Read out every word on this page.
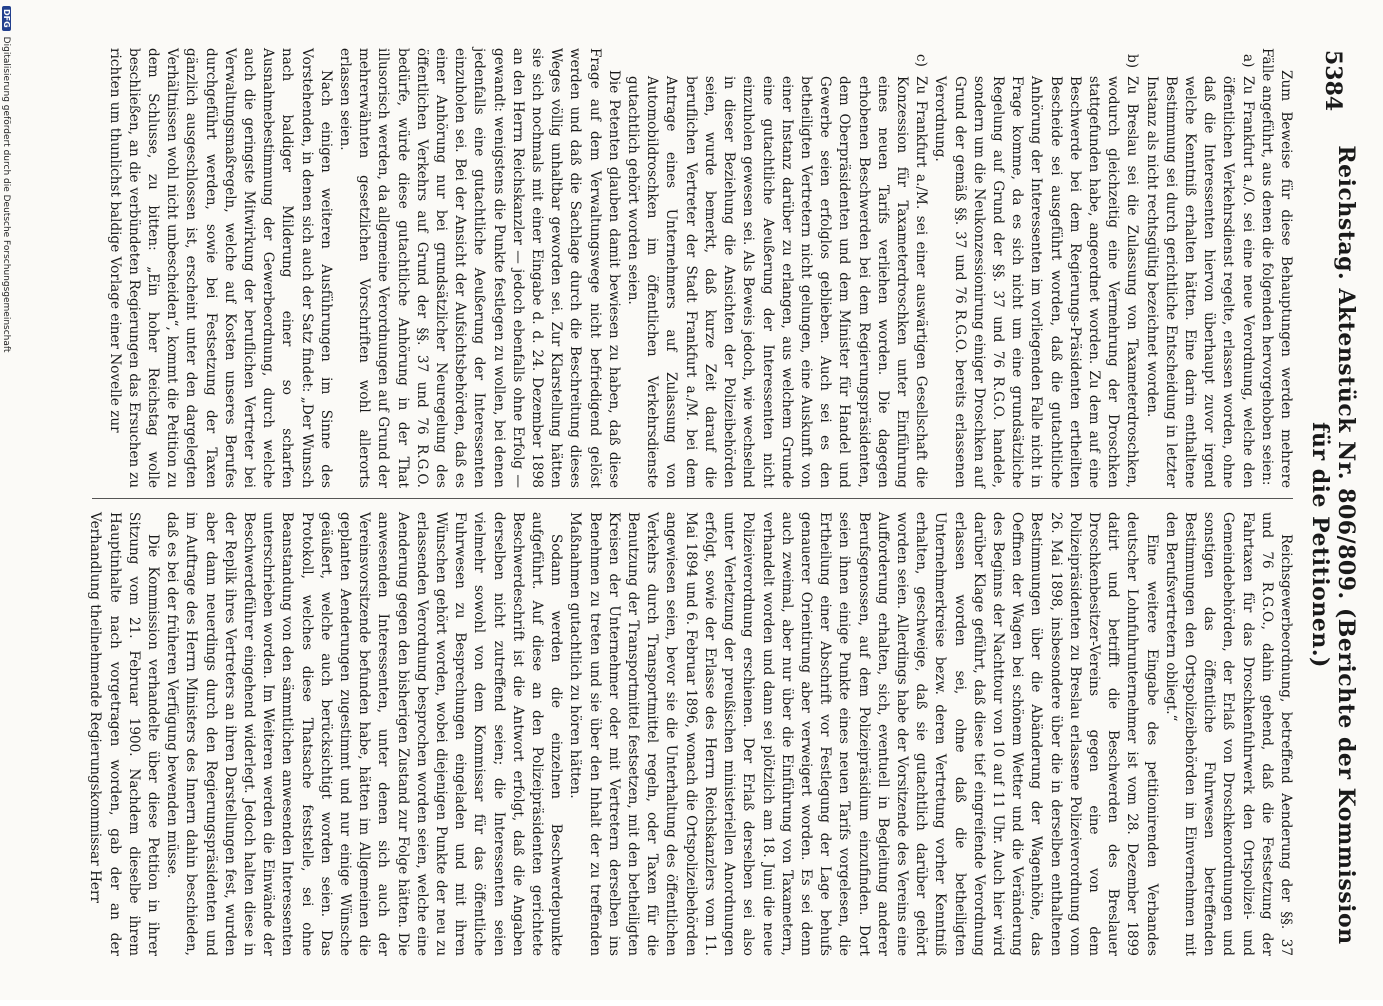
5384
Reichstag. Aktenstück Nr. 806/809. (Berichte der Kommission für die Petitionen.)

Zum Beweise für diese Behauptungen werden mehrere Fälle angeführt, aus denen die folgenden hervorgehoben seien:

a)
Zu Frankfurt a./O. sei eine neue Verordnung, welche den öffentlichen Verkehrsdienst regelte, erlassen worden, ohne daß die Interessenten hiervon überhaupt zuvor irgend welche Kenntniß erhalten hätten. Eine darin enthaltene Bestimmung sei durch gerichtliche Entscheidung in letzter Instanz als nicht rechtsgültig bezeichnet worden.

b)
Zu Breslau sei die Zulassung von Taxameterdroschken, wodurch gleichzeitig eine Vermehrung der Droschken stattgefunden habe, angeordnet worden. Zu dem auf eine Beschwerde bei dem Regierungs-Präsidenten ertheilten Bescheide sei ausgeführt worden, daß die gutachtliche Anhörung der Interessenten im vorliegenden Falle nicht in Frage komme, da es sich nicht um eine grundsätzliche Regelung auf Grund der §§. 37 und 76 R.G.O. handele, sondern um die Neukonzessionirung einiger Droschken auf Grund der gemäß §§. 37 und 76 R.G.O. bereits erlassenen Verordnung.

c)
Zu Frankfurt a./M. sei einer auswärtigen Gesellschaft die Konzession für Taxameterdroschken unter Einführung eines neuen Tarifs verliehen worden. Die dagegen erhobenen Beschwerden bei dem Regierungspräsidenten, dem Oberpräsidenten und dem Minister für Handel und Gewerbe seien erfolglos geblieben. Auch sei es den betheiligten Vertretern nicht gelungen, eine Auskunft von einer Instanz darüber zu erlangen, aus welchem Grunde eine gutachtliche Aeußerung der Interessenten nicht einzuholen gewesen sei. Als Beweis jedoch, wie wechselnd in dieser Beziehung die Ansichten der Polizeibehörden seien, wurde bemerkt, daß kurze Zeit darauf die beruflichen Vertreter der Stadt Frankfurt a./M. bei dem Antrage eines Unternehmers auf Zulassung von Automobildroschken im öffentlichen Verkehrsdienste gutachtlich gehört worden seien.

Die Petenten glauben damit bewiesen zu haben, daß diese Frage auf dem Verwaltungswege nicht befriedigend gelöst werden und daß die Sachlage durch die Beschreitung dieses Weges völlig unhaltbar geworden sei. Zur Klarstellung hätten sie sich nochmals mit einer Eingabe d. d. 24. Dezember 1898 an den Herrn Reichskanzler — jedoch ebenfalls ohne Erfolg — gewandt: wenigstens die Punkte festlegen zu wollen, bei denen jedenfalls eine gutachtliche Aeußerung der Interessenten einzuholen sei. Bei der Ansicht der Aufsichtsbehörden, daß es einer Anhörung nur bei grundsätzlicher Neuregelung des öffentlichen Verkehrs auf Grund der §§. 37 und 76 R.G.O. bedürfe, würde diese gutachtliche Anhörung in der That illusorisch werden, da allgemeine Verordnungen auf Grund der mehrerwähnten gesetzlichen Vorschriften wohl allerorts erlassen seien.

Nach einigen weiteren Ausführungen im Sinne des Vorstehenden, in denen sich auch der Satz findet: „Der Wunsch nach baldiger Milderung einer so scharfen Ausnahmebestimmung der Gewerbeordnung, durch welche auch die geringste Mitwirkung der beruflichen Vertreter bei Verwaltungsmaßregeln, welche auf Kosten unseres Berufes durchgeführt werden, sowie bei Festsetzung der Taxen gänzlich ausgeschlossen ist, erscheint unter den dargelegten Verhältnissen wohl nicht unbescheiden“, kommt die Petition zu dem Schlusse, zu bitten: „Ein hoher Reichstag wolle beschließen, an die verbündeten Regierungen das Ersuchen zu richten um thunlichst baldige Vorlage einer Novelle zur

Reichsgewerbeordnung, betreffend Aenderung der §§. 37 und 76 R.G.O., dahin gehend, daß die Festsetzung der Fahrtaxen für das Droschkenfuhrwerk den Ortspolizei- und Gemeindebehörden, der Erlaß von Droschkenordnungen und sonstigen das öffentliche Fuhrwesen betreffenden Bestimmungen den Ortspolizeibehörden im Einvernehmen mit den Berufsvertretern obliegt.“

Eine weitere Eingabe des petitionirenden Verbandes deutscher Lohnfuhrunternehmer ist vom 28. Dezember 1899 datirt und betrifft die Beschwerden des Breslauer Droschkenbesitzer-Vereins gegen eine von dem Polizeipräsidenten zu Breslau erlassene Polizeiverordnung vom 26. Mai 1898, insbesondere über die in derselben enthaltenen Bestimmungen über die Abänderung der Wagenhöhe, das Oeffnen der Wagen bei schönem Wetter und die Veränderung des Beginns der Nachttour von 10 auf 11 Uhr. Auch hier wird darüber Klage geführt, daß diese tief eingreifende Verordnung erlassen worden sei, ohne daß die betheiligten Unternehmerkreise bezw. deren Vertretung vorher Kenntniß erhalten, geschweige, daß sie gutachtlich darüber gehört worden seien. Allerdings habe der Vorsitzende des Vereins eine Aufforderung erhalten, sich, eventuell in Begleitung anderer Berufsgenossen, auf dem Polizeipräsidium einzufinden. Dort seien ihnen einige Punkte eines neuen Tarifs vorgelesen, die Ertheilung einer Abschrift vor Festlegung der Lage behufs genauerer Orientirung aber verweigert worden. Es sei denn auch zweimal, aber nur über die Einführung von Taxametern, verhandelt worden und dann sei plötzlich am 18. Juni die neue Polizeiverordnung erschienen. Der Erlaß derselben sei also unter Verletzung der preußischen ministeriellen Anordnungen erfolgt, sowie der Erlasse des Herrn Reichskanzlers vom 11. Mai 1894 und 6. Februar 1896, wonach die Ortspolizeibehörden angewiesen seien, bevor sie die Unterhaltung des öffentlichen Verkehrs durch Transportmittel regeln, oder Taxen für die Benutzung der Transportmittel festsetzen, mit den betheiligten Kreisen der Unternehmer oder mit Vertretern derselben ins Benehmen zu treten und sie über den Inhalt der zu treffenden Maßnahmen gutachtlich zu hören hätten.

Sodann werden die einzelnen Beschwerdepunkte aufgeführt. Auf diese an den Polizeipräsidenten gerichtete Beschwerdeschrift ist die Antwort erfolgt, daß die Angaben derselben nicht zutreffend seien; die Interessenten seien vielmehr sowohl von dem Kommissar für das öffentliche Fuhrwesen zu Besprechungen eingeladen und mit ihren Wünschen gehört worden, wobei diejenigen Punkte der neu zu erlassenden Verordnung besprochen worden seien, welche eine Aenderung gegen den bisherigen Zustand zur Folge hätten. Die anwesenden Interessenten, unter denen sich auch der Vereinsvorsitzende befunden habe, hätten im Allgemeinen die geplanten Aenderungen zugestimmt und nur einige Wünsche geäußert, welche auch berücksichtigt worden seien. Das Protokoll, welches diese Thatsache feststelle, sei ohne Beanstandung von den sämmtlichen anwesenden Interessenten unterschrieben worden. Im Weiteren werden die Einwände der Beschwerdeführer eingehend widerlegt. Jedoch halten diese in der Replik ihres Vertreters an ihren Darstellungen fest, wurden aber dann neuerdings durch den Regierungspräsidenten und im Auftrage des Herrn Ministers des Innern dahin beschieden, daß es bei der früheren Verfügung bewenden müsse.

Die Kommission verhandelte über diese Petition in ihrer Sitzung vom 21. Februar 1900. Nachdem dieselbe ihrem Hauptinhalte nach vorgetragen worden, gab der an der Verhandlung theilnehmende Regierungskommissar Herr

DFG
Digitalisierung gefördert durch die Deutsche Forschungsgemeinschaft
